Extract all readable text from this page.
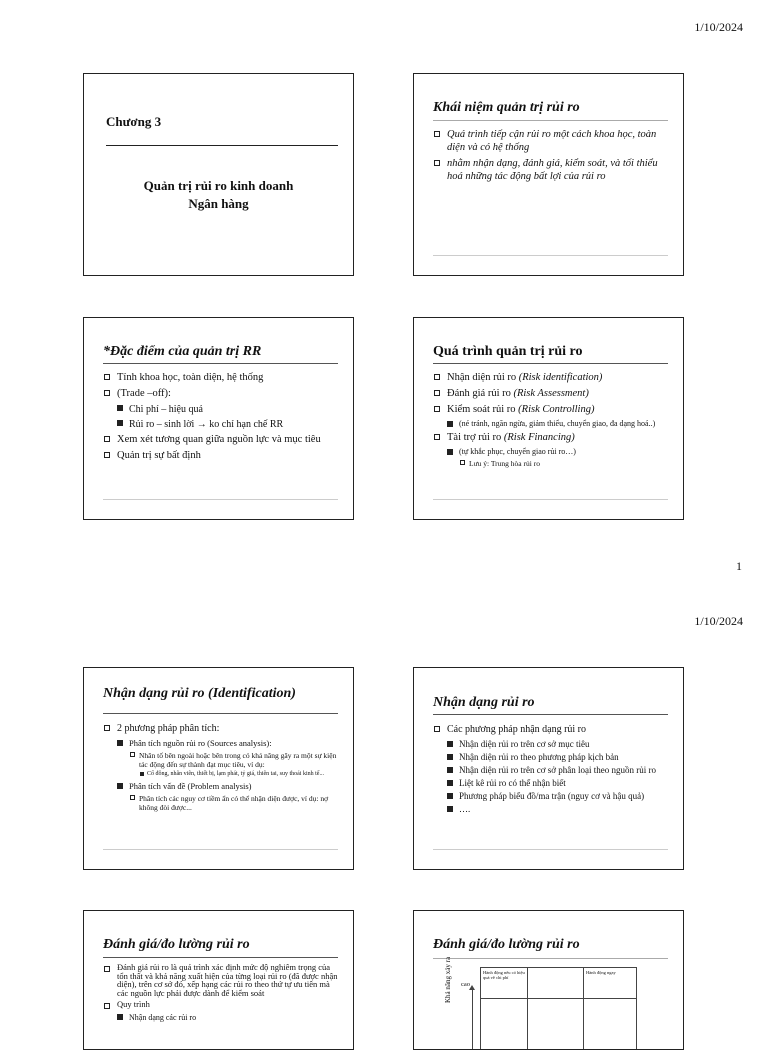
1/10/2024
Chương 3
Quản trị rủi ro kinh doanh
Ngân hàng
Khái niệm quản trị rủi ro
Quá trình tiếp cận rủi ro một cách khoa học, toàn diện và có hệ thống
nhằm nhận dạng, đánh giá, kiểm soát, và tối thiểu hoá những tác động bất lợi của rủi ro
*Đặc điểm của quản trị RR
Tính khoa học, toàn diện, hệ thống
(Trade –off):
Chi phí – hiệu quả
Rủi ro – sinh lời → ko chỉ hạn chế RR
Xem xét tương quan giữa nguồn lực và mục tiêu
Quản trị sự bất định
Quá trình quản trị rủi ro
Nhận diện rủi ro (Risk identification)
Đánh giá rủi ro (Risk Assessment)
Kiểm soát rủi ro (Risk Controlling)
(né tránh, ngăn ngừa, giảm thiểu, chuyển giao, đa dạng hoá..)
Tài trợ rủi ro (Risk Financing)
(tự khắc phục, chuyển giao rủi ro…)
Lưu ý: Trung hòa rủi ro
1
1/10/2024
Nhận dạng rủi ro (Identification)
2 phương pháp phân tích:
Phân tích nguồn rủi ro (Sources analysis):
Nhân tố bên ngoài hoặc bên trong có khả năng gây ra một sự kiện tác động đến sự thành đạt mục tiêu, ví dụ:
Cổ đông, nhân viên, thiết bị, lạm phát, tỷ giá, thiên tai, suy thoái kinh tế...
Phân tích vấn đề (Problem analysis)
Phân tích các nguy cơ tiềm ẩn có thể nhận diện được, ví dụ: nợ không đòi được...
Nhận dạng rủi ro
Các phương pháp nhận dạng rủi ro
Nhận diện rủi ro trên cơ sở mục tiêu
Nhận diện rủi ro theo phương pháp kịch bản
Nhận diện rủi ro trên cơ sở phân loại theo nguồn rủi ro
Liệt kê rủi ro có thể nhận biết
Phương pháp biểu đồ/ma trận (nguy cơ và hậu quả)
….
Đánh giá/đo lường rủi ro
Đánh giá rủi ro là quá trình xác định mức độ nghiêm trọng của tổn thất và khả năng xuất hiện của từng loại rủi ro (đã được nhận diện), trên cơ sở đó, xếp hạng các rủi ro theo thứ tự ưu tiên mà các nguồn lực phải được dành để kiểm soát
Quy trình
Nhận dạng các rủi ro
Đánh giá/đo lường rủi ro
Khả năng xảy ra cao
Hành động nếu có hiệu quả về chi phí
Hành động ngay
